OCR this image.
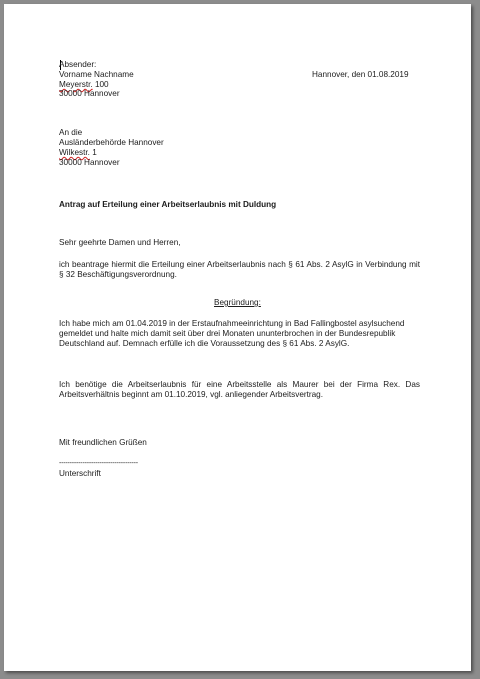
Absender:
Vorname Nachname
Meyerstr. 100
30000 Hannover
Hannover, den 01.08.2019
An die
Ausländerbehörde Hannover
Wilkestr. 1
30000 Hannover
Antrag auf Erteilung einer Arbeitserlaubnis mit Duldung
Sehr geehrte Damen und Herren,
ich beantrage hiermit die Erteilung einer Arbeitserlaubnis nach § 61 Abs. 2 AsylG in Verbindung mit § 32 Beschäftigungsverordnung.
Begründung:
Ich habe mich am 01.04.2019 in der Erstaufnahmeeinrichtung in Bad Fallingbostel asylsuchend gemeldet und halte mich damit seit über drei Monaten ununterbrochen in der Bundesrepublik Deutschland auf. Demnach erfülle ich die Voraussetzung des § 61 Abs. 2 AsylG.
Ich benötige die Arbeitserlaubnis für eine Arbeitsstelle als Maurer bei der Firma Rex. Das Arbeitsverhältnis beginnt am 01.10.2019, vgl. anliegender Arbeitsvertrag.
Mit freundlichen Grüßen
-------------------------------------
Unterschrift
